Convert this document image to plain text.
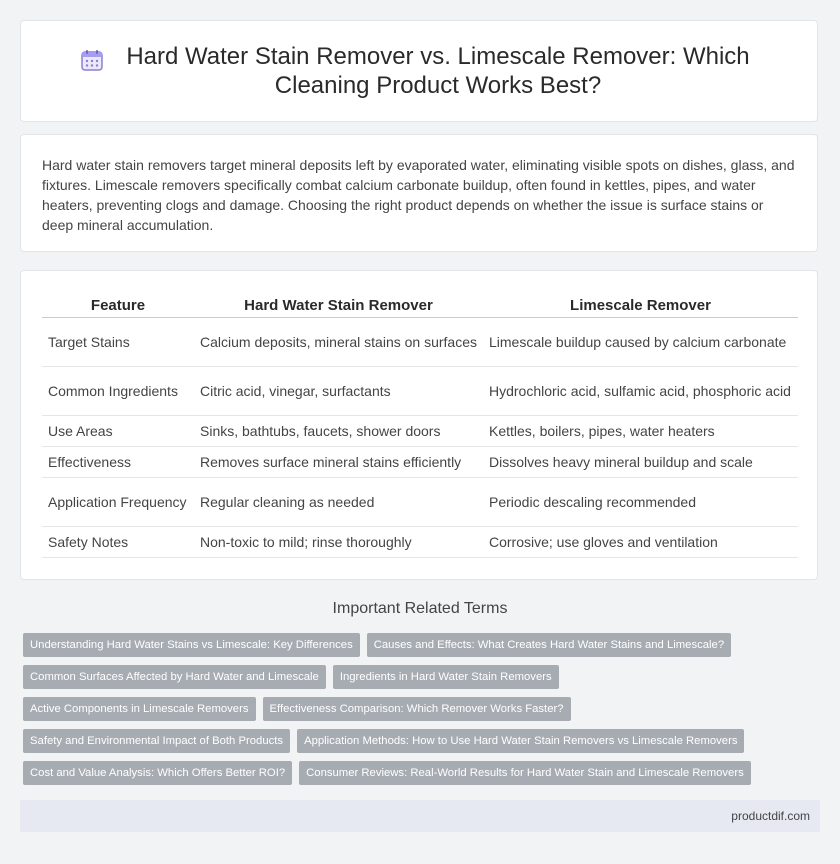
Hard Water Stain Remover vs. Limescale Remover: Which Cleaning Product Works Best?

Hard water stain removers target mineral deposits left by evaporated water, eliminating visible spots on dishes, glass, and fixtures. Limescale removers specifically combat calcium carbonate buildup, often found in kettles, pipes, and water heaters, preventing clogs and damage. Choosing the right product depends on whether the issue is surface stains or deep mineral accumulation.

Feature	Hard Water Stain Remover	Limescale Remover
Target Stains	Calcium deposits, mineral stains on surfaces	Limescale buildup caused by calcium carbonate
Common Ingredients	Citric acid, vinegar, surfactants	Hydrochloric acid, sulfamic acid, phosphoric acid
Use Areas	Sinks, bathtubs, faucets, shower doors	Kettles, boilers, pipes, water heaters
Effectiveness	Removes surface mineral stains efficiently	Dissolves heavy mineral buildup and scale
Application Frequency	Regular cleaning as needed	Periodic descaling recommended
Safety Notes	Non-toxic to mild; rinse thoroughly	Corrosive; use gloves and ventilation
Important Related Terms
Understanding Hard Water Stains vs Limescale: Key Differences	Causes and Effects: What Creates Hard Water Stains and Limescale?
Common Surfaces Affected by Hard Water and Limescale	Ingredients in Hard Water Stain Removers
Active Components in Limescale Removers	Effectiveness Comparison: Which Remover Works Faster?
Safety and Environmental Impact of Both Products	Application Methods: How to Use Hard Water Stain Removers vs Limescale Removers
Cost and Value Analysis: Which Offers Better ROI?	Consumer Reviews: Real-World Results for Hard Water Stain and Limescale Removers
productdif.com
